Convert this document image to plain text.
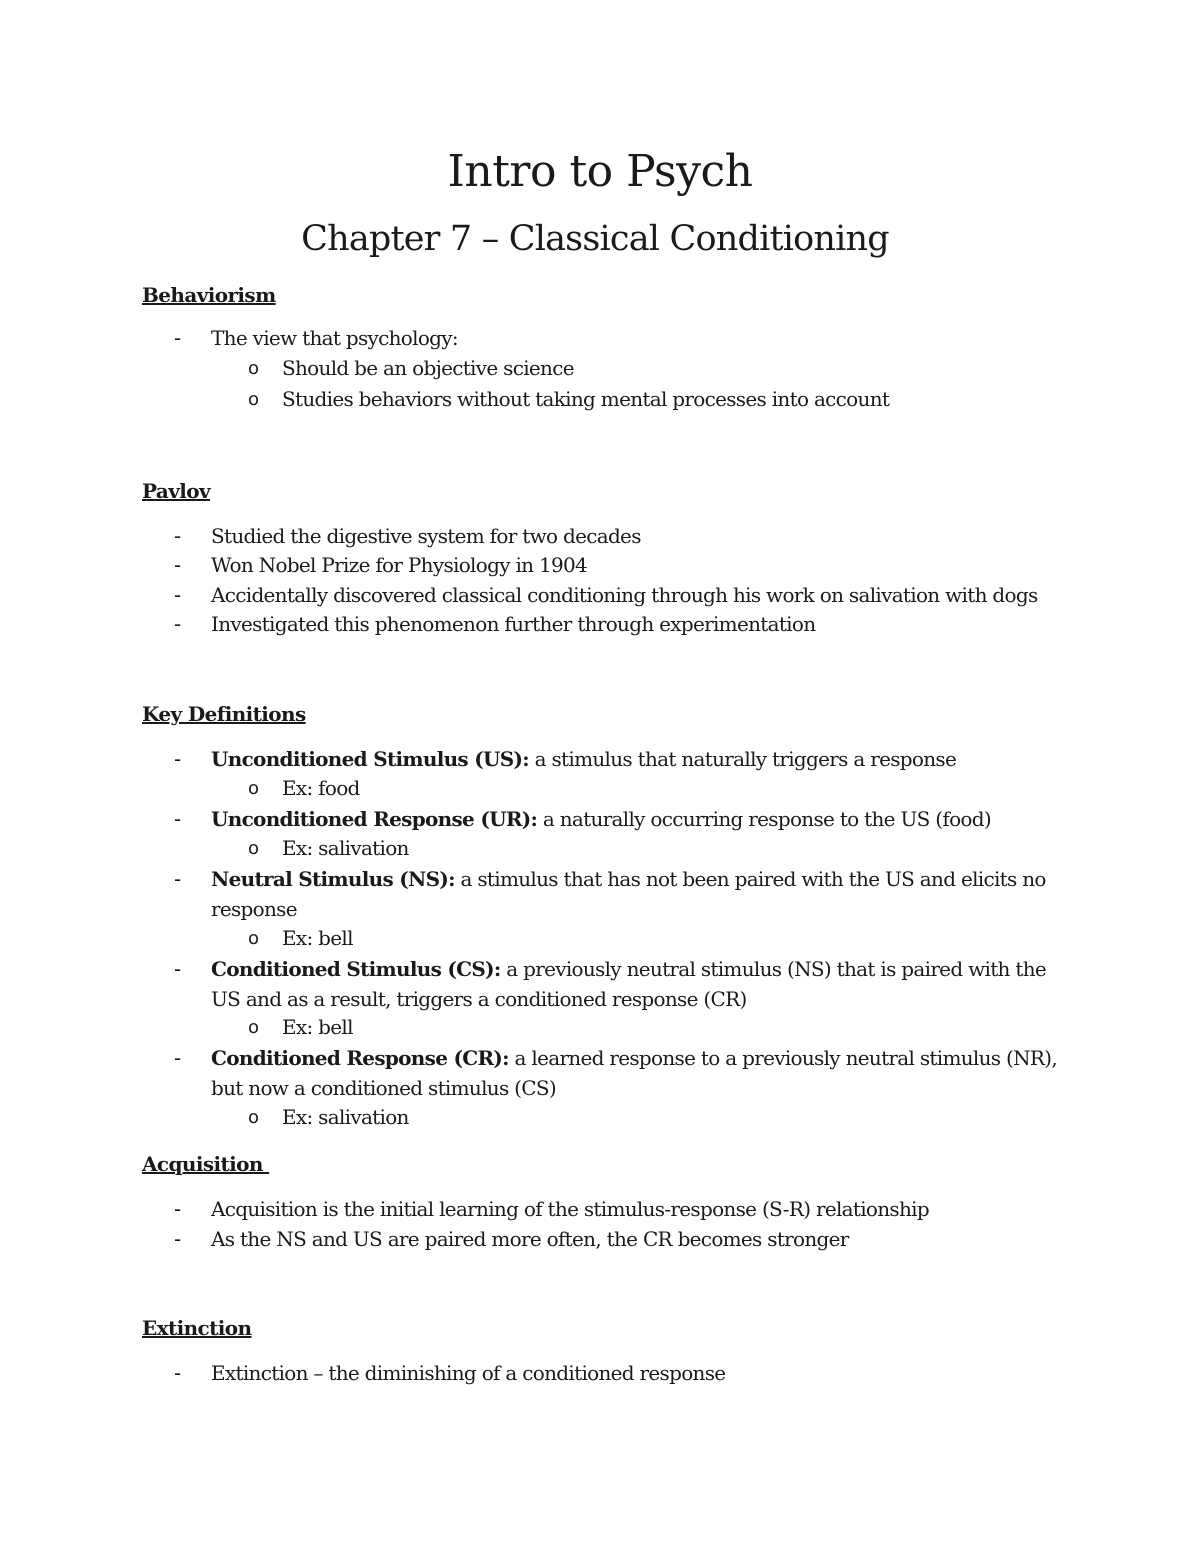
Intro to Psych
Chapter 7 – Classical Conditioning
Behaviorism
- The view that psychology:
o Should be an objective science
o Studies behaviors without taking mental processes into account
Pavlov
- Studied the digestive system for two decades
- Won Nobel Prize for Physiology in 1904
- Accidentally discovered classical conditioning through his work on salivation with dogs
- Investigated this phenomenon further through experimentation
Key Definitions
- Unconditioned Stimulus (US): a stimulus that naturally triggers a response
o Ex: food
- Unconditioned Response (UR): a naturally occurring response to the US (food)
o Ex: salivation
- Neutral Stimulus (NS): a stimulus that has not been paired with the US and elicits no
response
o Ex: bell
- Conditioned Stimulus (CS): a previously neutral stimulus (NS) that is paired with the
US and as a result, triggers a conditioned response (CR)
o Ex: bell
- Conditioned Response (CR): a learned response to a previously neutral stimulus (NR),
but now a conditioned stimulus (CS)
o Ex: salivation
Acquisition
- Acquisition is the initial learning of the stimulus-response (S-R) relationship
- As the NS and US are paired more often, the CR becomes stronger
Extinction
- Extinction – the diminishing of a conditioned response
